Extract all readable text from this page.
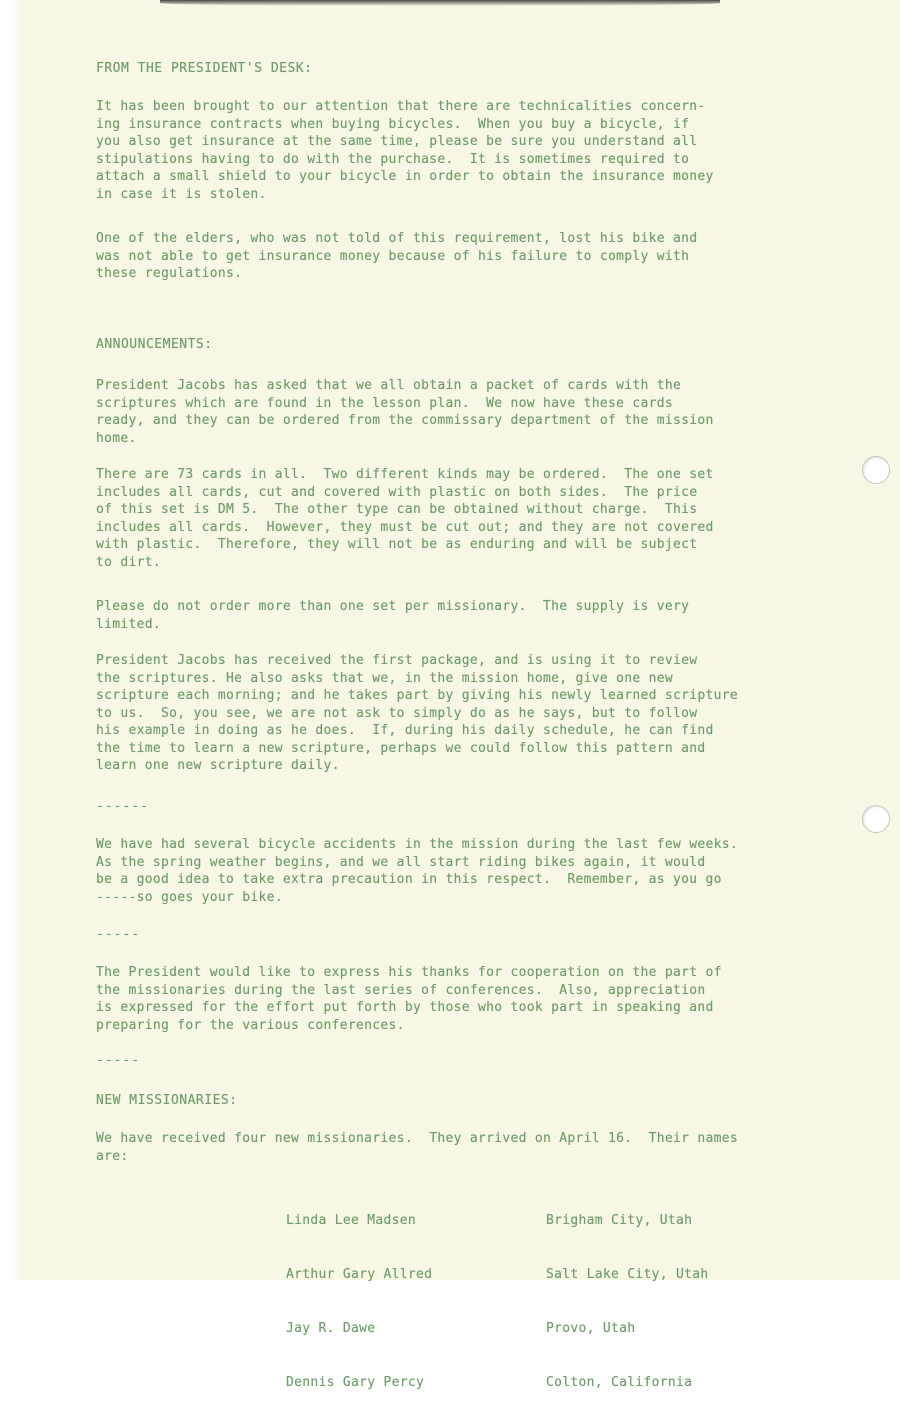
FROM THE PRESIDENT'S DESK:
It has been brought to our attention that there are technicalities concern-
ing insurance contracts when buying bicycles.  When you buy a bicycle, if
you also get insurance at the same time, please be sure you understand all
stipulations having to do with the purchase.  It is sometimes required to
attach a small shield to your bicycle in order to obtain the insurance money
in case it is stolen.
One of the elders, who was not told of this requirement, lost his bike and
was not able to get insurance money because of his failure to comply with
these regulations.
ANNOUNCEMENTS:
President Jacobs has asked that we all obtain a packet of cards with the
scriptures which are found in the lesson plan.  We now have these cards
ready, and they can be ordered from the commissary department of the mission
home.
There are 73 cards in all.  Two different kinds may be ordered.  The one set
includes all cards, cut and covered with plastic on both sides.  The price
of this set is DM 5.  The other type can be obtained without charge.  This
includes all cards.  However, they must be cut out; and they are not covered
with plastic.  Therefore, they will not be as enduring and will be subject
to dirt.
Please do not order more than one set per missionary.  The supply is very
limited.
President Jacobs has received the first package, and is using it to review
the scriptures. He also asks that we, in the mission home, give one new
scripture each morning; and he takes part by giving his newly learned scripture
to us.  So, you see, we are not ask to simply do as he says, but to follow
his example in doing as he does.  If, during his daily schedule, he can find
the time to learn a new scripture, perhaps we could follow this pattern and
learn one new scripture daily.
------
We have had several bicycle accidents in the mission during the last few weeks.
As the spring weather begins, and we all start riding bikes again, it would
be a good idea to take extra precaution in this respect.  Remember, as you go
-----so goes your bike.
-----
The President would like to express his thanks for cooperation on the part of
the missionaries during the last series of conferences.  Also, appreciation
is expressed for the effort put forth by those who took part in speaking and
preparing for the various conferences.
-----
NEW MISSIONARIES:
We have received four new missionaries.  They arrived on April 16.  Their names
are:

Linda Lee Madsen

Arthur Gary Allred

Jay R. Dawe

Dennis Gary Percy

Brigham City, Utah

Salt Lake City, Utah

Provo, Utah

Colton, California
